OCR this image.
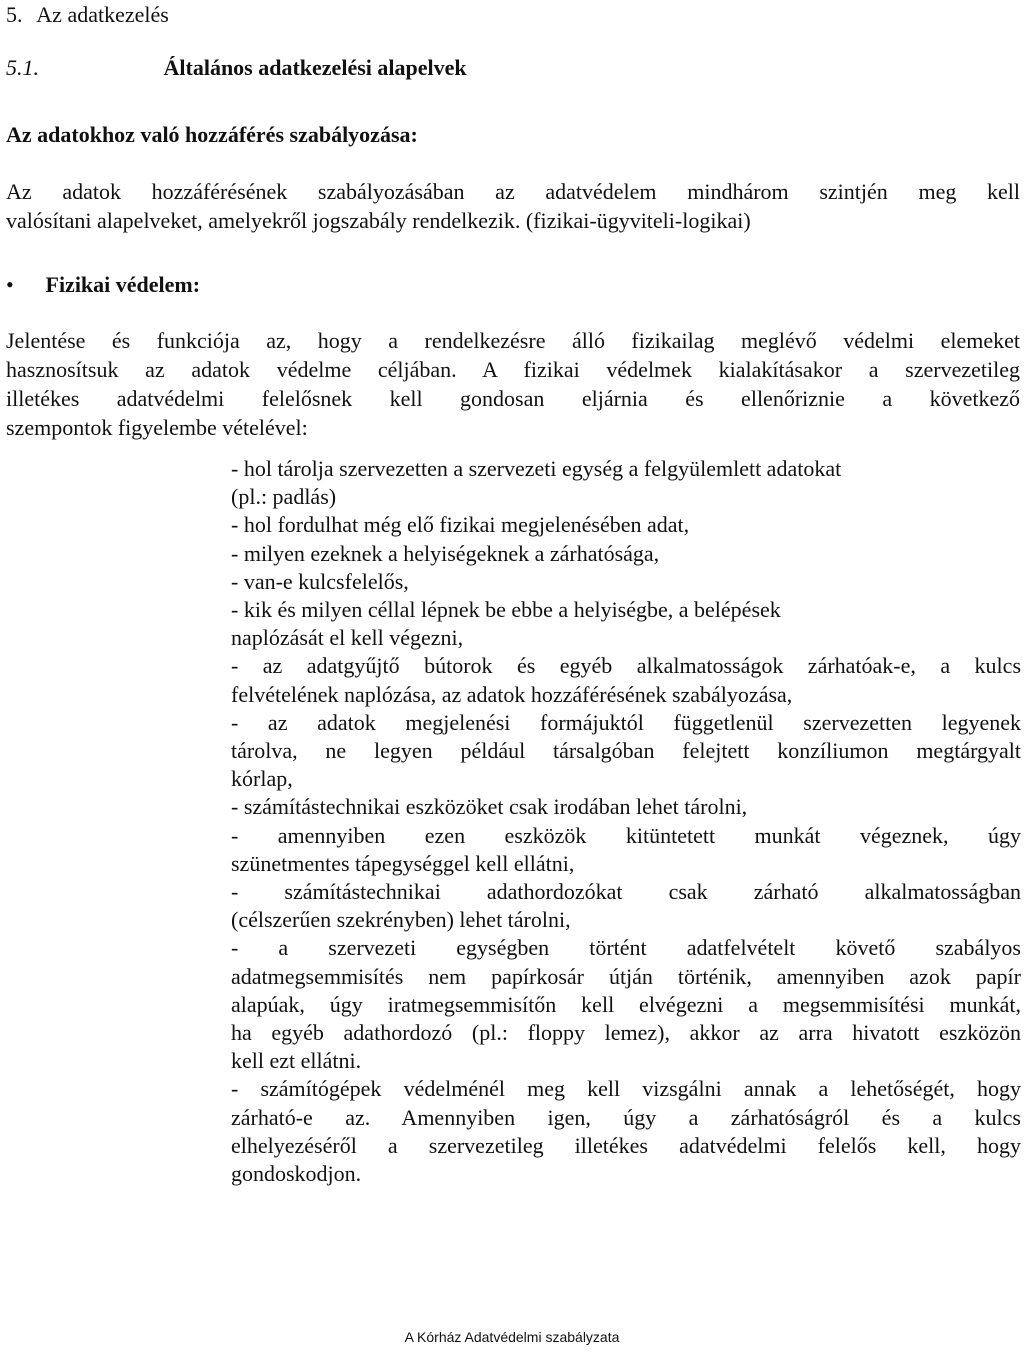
5. Az adatkezelés
5.1.	Általános adatkezelési alapelvek
Az adatokhoz való hozzáférés szabályozása:
Az adatok hozzáférésének szabályozásában az adatvédelem mindhárom szintjén meg kell
valósítani alapelveket, amelyekről jogszabály rendelkezik. (fizikai-ügyviteli-logikai)
• Fizikai védelem:
Jelentése és funkciója az, hogy a rendelkezésre álló fizikailag meglévő védelmi elemeket
hasznosítsuk az adatok védelme céljában. A fizikai védelmek kialakításakor a szervezetileg
illetékes adatvédelmi felelősnek kell gondosan eljárnia és ellenőriznie a következő
szempontok figyelembe vételével:
- hol tárolja szervezetten a szervezeti egység a felgyülemlett adatokat
(pl.: padlás)
- hol fordulhat még elő fizikai megjelenésében adat,
- milyen ezeknek a helyiségeknek a zárhatósága,
- van-e kulcsfelelős,
- kik és milyen céllal lépnek be ebbe a helyiségbe, a belépések
naplózását el kell végezni,
- az adatgyűjtő bútorok és egyéb alkalmatosságok zárhatóak-e, a kulcs
felvételének naplózása, az adatok hozzáférésének szabályozása,
- az adatok megjelenési formájuktól függetlenül szervezetten legyenek
tárolva, ne legyen például társalgóban felejtett konzíliumon megtárgyalt
kórlap,
- számítástechnikai eszközöket csak irodában lehet tárolni,
- amennyiben ezen eszközök kitüntetett munkát végeznek, úgy
szünetmentes tápegységgel kell ellátni,
- számítástechnikai adathordozókat csak zárható alkalmatosságban
(célszerűen szekrényben) lehet tárolni,
- a szervezeti egységben történt adatfelvételt követő szabályos
adatmegsemmisítés nem papírkosár útján történik, amennyiben azok papír
alapúak, úgy iratmegsemmisítőn kell elvégezni a megsemmisítési munkát,
ha egyéb adathordozó (pl.: floppy lemez), akkor az arra hivatott eszközön
kell ezt ellátni.
- számítógépek védelménél meg kell vizsgálni annak a lehetőségét, hogy
zárható-e az. Amennyiben igen, úgy a zárhatóságról és a kulcs
elhelyezéséről a szervezetileg illetékes adatvédelmi felelős kell, hogy
gondoskodjon.
A Kórház Adatvédelmi szabályzata
